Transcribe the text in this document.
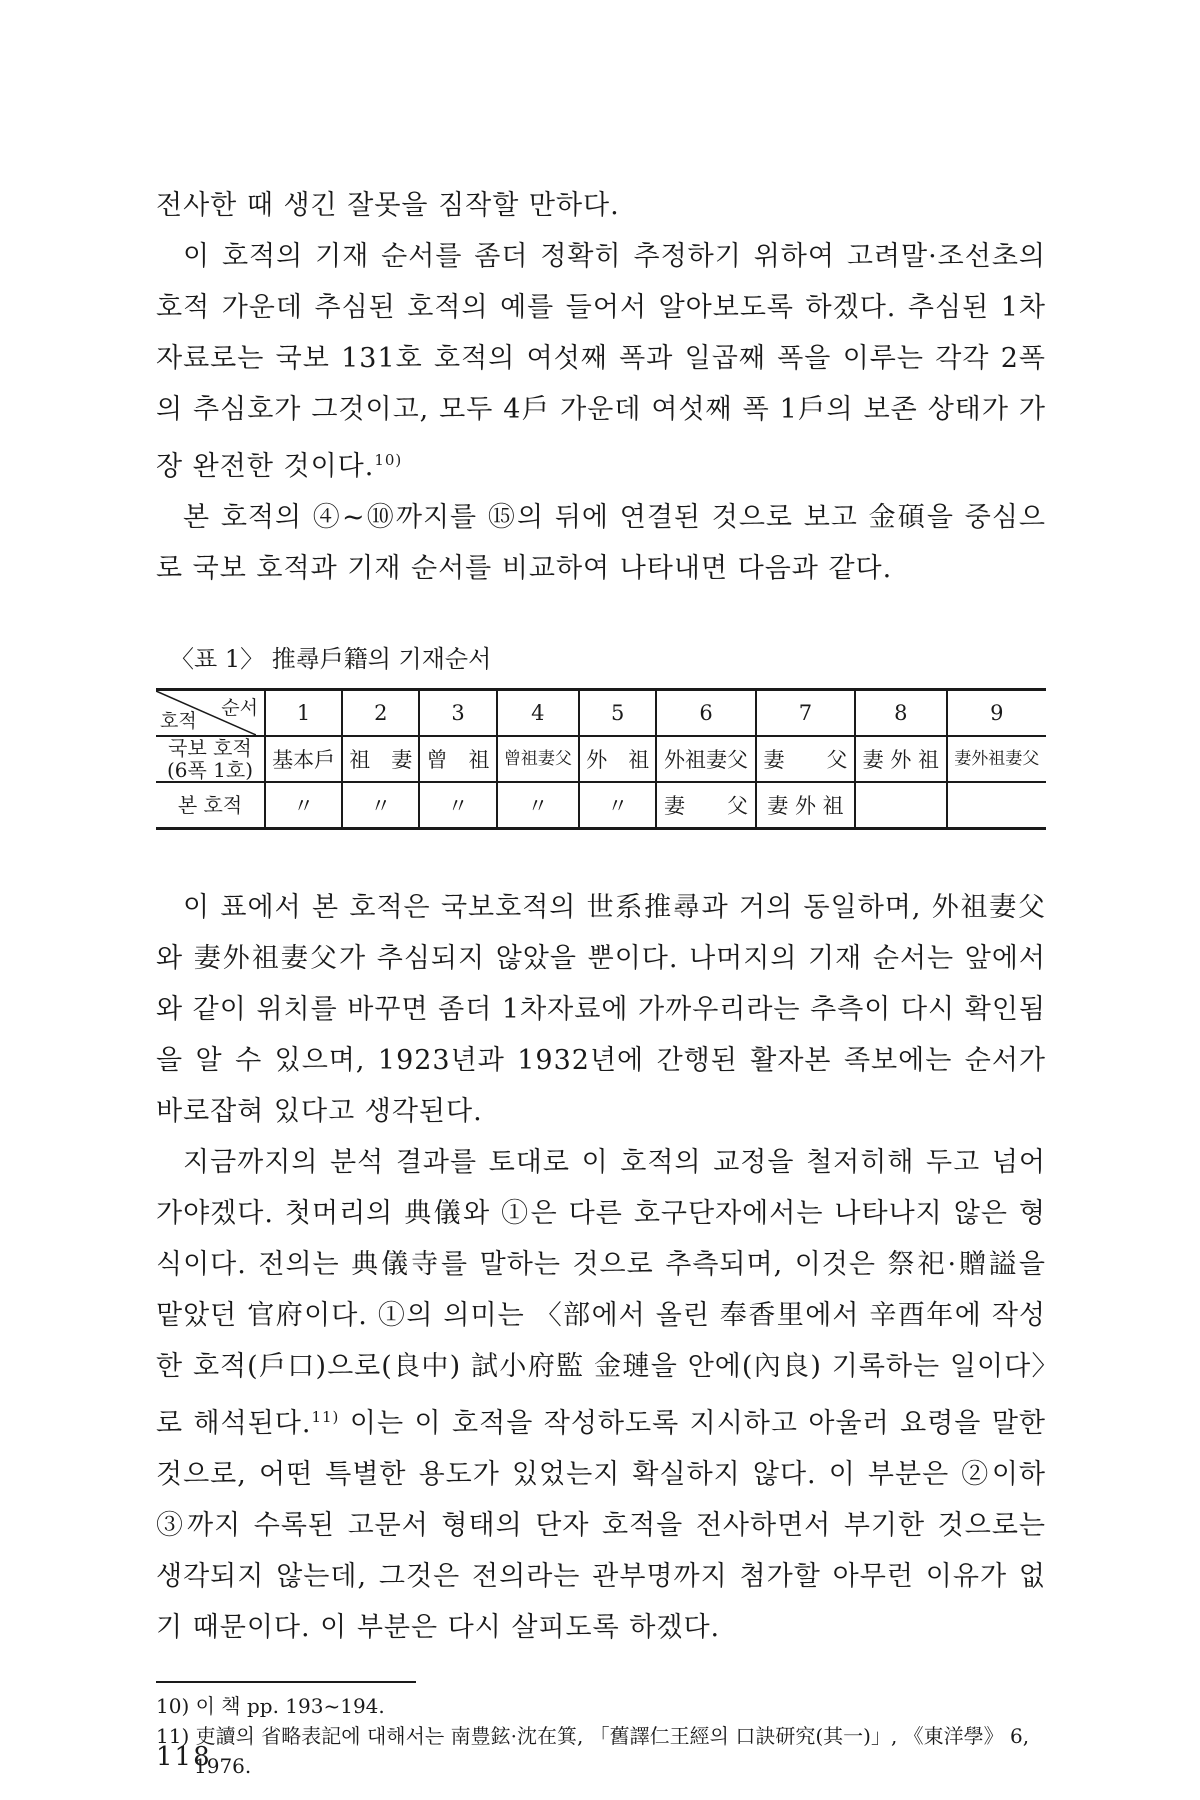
전사한 때 생긴 잘못을 짐작할 만하다.

이 호적의 기재 순서를 좀더 정확히 추정하기 위하여 고려말·조선초의 호적 가운데 추심된 호적의 예를 들어서 알아보도록 하겠다. 추심된 1차자료로는 국보 131호 호적의 여섯째 폭과 일곱째 폭을 이루는 각각 2폭의 추심호가 그것이고, 모두 4戶 가운데 여섯째 폭 1戶의 보존 상태가 가장 완전한 것이다.$^{10)}$

본 호적의 ④~⑩까지를 ⑮의 뒤에 연결된 것으로 보고 金碩을 중심으로 국보 호적과 기재 순서를 비교하여 나타내면 다음과 같다.

〈표 1〉 推尋戶籍의 기재순서
순서
호적	1	2	3	4	5	6	7	8	9

국보 호적
(6폭 1호)	基本戶	祖　妻	曾　祖	曾祖妻父	外　祖	外祖妻父	妻　　父	妻 外 祖	妻外祖妻父

본 호적	〃	〃	〃	〃	〃	妻　　父	妻 外 祖		

이 표에서 본 호적은 국보호적의 世系推尋과 거의 동일하며, 外祖妻父와 妻外祖妻父가 추심되지 않았을 뿐이다. 나머지의 기재 순서는 앞에서와 같이 위치를 바꾸면 좀더 1차자료에 가까우리라는 추측이 다시 확인됨을 알 수 있으며, 1923년과 1932년에 간행된 활자본 족보에는 순서가 바로잡혀 있다고 생각된다.

지금까지의 분석 결과를 토대로 이 호적의 교정을 철저히해 두고 넘어가야겠다. 첫머리의 典儀와 ①은 다른 호구단자에서는 나타나지 않은 형식이다. 전의는 典儀寺를 말하는 것으로 추측되며, 이것은 祭祀·贈謚을 맡았던 官府이다. ①의 의미는 〈部에서 올린 奉香里에서 辛酉年에 작성한 호적(戶口)으로(良中) 試小府監 金璉을 안에(內良) 기록하는 일이다〉로 해석된다.$^{11)}$ 이는 이 호적을 작성하도록 지시하고 아울러 요령을 말한 것으로, 어떤 특별한 용도가 있었는지 확실하지 않다. 이 부분은 ②이하 ③까지 수록된 고문서 형태의 단자 호적을 전사하면서 부기한 것으로는 생각되지 않는데, 그것은 전의라는 관부명까지 첨가할 아무런 이유가 없기 때문이다. 이 부분은 다시 살피도록 하겠다.

10) 이 책 pp. 193~194.
11) 吏讀의 省略表記에 대해서는 南豊鉉·沈在箕, 「舊譯仁王經의 口訣研究(其一)」, 《東洋學》 6, 1976.
118
